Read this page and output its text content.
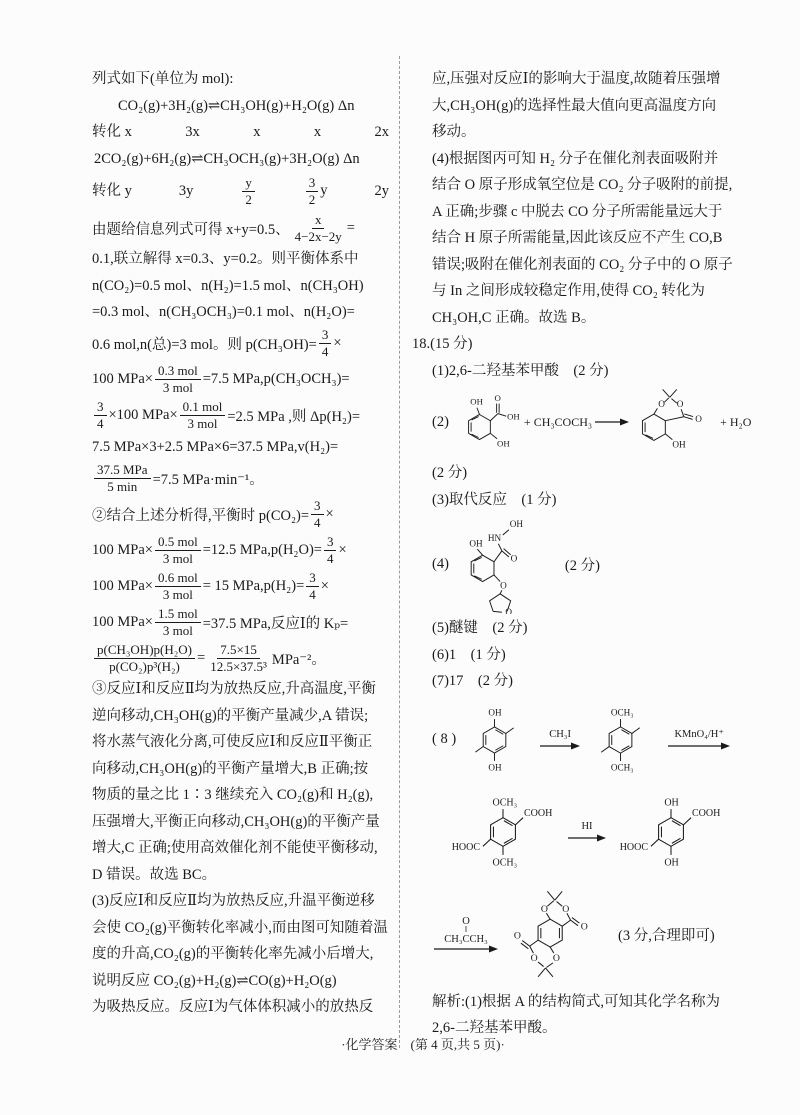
列式如下(单位为 mol):
CO₂(g)+3H₂(g)⇌CH₃OH(g)+H₂O(g) Δn
转化 x	3x	x	x	2x
2CO₂(g)+6H₂(g)⇌CH₃OCH₃(g)+3H₂O(g) Δn
转化 y	3y	$\frac{y}{2}$	$\frac{3}{2}$ y	2y
由题给信息列式可得 x+y=0.5、 $\frac{x}{4-2x-2y}$ =
0.1,联立解得 x=0.3、y=0.2。则平衡体系中
n(CO₂)=0.5 mol、n(H₂)=1.5 mol、n(CH₃OH)
=0.3 mol、n(CH₃OCH₃)=0.1 mol、n(H₂O)=
0.6 mol,n(总)=3 mol。则 $p(CH_3OH)= \frac{3}{4}$ ×
100 $MPa\times \frac{\text{0.3 mol}}{\text{3 mol}} =7.5$ MPa,p(CH₃OCH₃)=
$\frac{3}{4} \times 100$ $MPa\times \frac{\text{0.1 mol}}{\text{3 mol}} =2.5$ MPa ,则 Δp(H₂)=
7.5 MPa×3+2.5 MPa×6=37.5 MPa,v(H₂)=
$\frac{\text{37.5 MPa}}{5 \min} =7.5$ MPa·min⁻¹。
②结合上述分析得,平衡时 $p(CO_2)= \frac{3}{4}$ ×
100 $MPa\times \frac{\text{0.5 mol}}{\text{3 mol}} =12.5$ $MPa,p(H_2O)= \frac{3}{4}$ ×
100 $MPa\times \frac{\text{0.6 mol}}{\text{3 mol}} = 15$ $MPa,p(H_2)= \frac{3}{4}$ ×
100 $MPa\times \frac{\text{1.5 mol}}{\text{3 mol}} =37.5$ MPa,反应Ⅰ的 Kₚ=
$\frac{\text{p(CH₃OH)p(H₂O)}}{\text{p(CO₂)p³(H₂)}} = \frac{7.5\times 15}{\text{12.5×37.5³}} MPa^{-2}$。
③反应Ⅰ和反应Ⅱ均为放热反应,升高温度,平衡
逆向移动,CH₃OH(g)的平衡产量减少,A 错误;
将水蒸气液化分离,可使反应Ⅰ和反应Ⅱ平衡正
向移动,CH₃OH(g)的平衡产量增大,B 正确;按
物质的量之比 1∶3 继续充入 CO₂(g)和 H₂(g),
压强增大,平衡正向移动,CH₃OH(g)的平衡产量
增大,C 正确;使用高效催化剂不能使平衡移动,
D 错误。故选 BC。
(3)反应Ⅰ和反应Ⅱ均为放热反应,升温平衡逆移
会使 CO₂(g)平衡转化率减小,而由图可知随着温
度的升高,CO₂(g)的平衡转化率先减小后增大,
说明反应 CO₂(g)+H₂(g)⇌CO(g)+H₂O(g)
为吸热反应。反应Ⅰ为气体体积减小的放热反
应,压强对反应Ⅰ的影响大于温度,故随着压强增
大,CH₃OH(g)的选择性最大值向更高温度方向
移动。
(4)根据图丙可知 H₂ 分子在催化剂表面吸附并
结合 O 原子形成氧空位是 CO₂ 分子吸附的前提,
A 正确;步骤 c 中脱去 CO 分子所需能量远大于
结合 H 原子所需能量,因此该反应不产生 CO,B
错误;吸附在催化剂表面的 CO₂ 分子中的 O 原子
与 In 之间形成较稳定作用,使得 CO₂ 转化为
CH₃OH,C 正确。故选 B。
18.(15 分)
(1)2,6-二羟基苯甲酸　(2 分)
(2)
OH O
OH
OH
+ CH₃COCH₃ →
O O
O
OH
+ H₂O
(2 分)
(3)取代反应　(1 分)
(4)
OH
O
HN
OH
O
O
(2 分)
(5)醚键　(2 分)
(6)1　(1 分)
(7)17　(2 分)
( 8 )
OH
OH
CH₃I
OCH₃
OCH₃
KMnO₄/H⁺
OCH₃
OCH₃
COOH
HOOC
HI
OH
OH
COOH
HOOC
O
‖
CH₃CCH₃
O O
O
O
O
O	(3 分,合理即可)
解析:(1)根据 A 的结构简式,可知其化学名称为
2,6-二羟基苯甲酸。
·化学答案　(第 4 页,共 5 页)·
